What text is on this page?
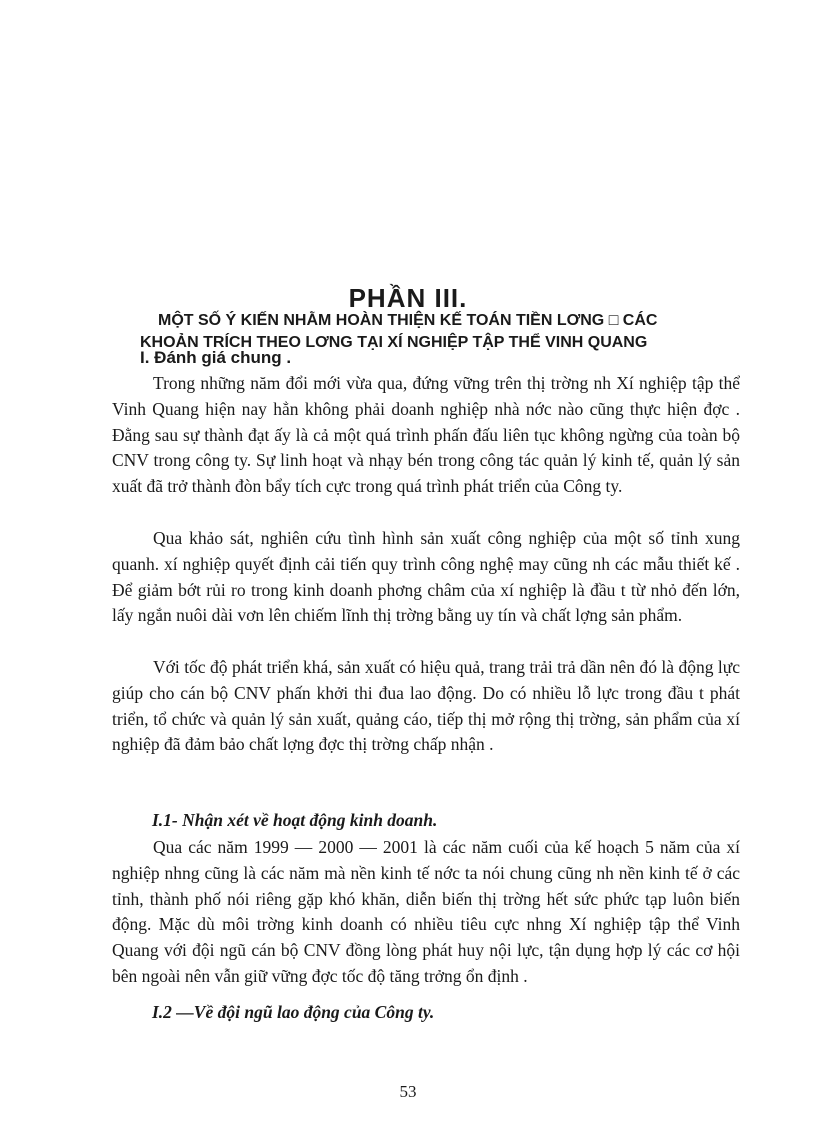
PHẦN III.

MỘT SỐ Ý KIẾN NHẰM HOÀN THIỆN KẾ TOÁN TIỀN LƠNG □ CÁC

KHOẢN TRÍCH THEO LƠNG TẠI XÍ NGHIỆP TẬP THỂ VINH QUANG

I. Đánh giá chung .

Trong những năm đổi mới vừa qua, đứng vững trên thị trờng nh Xí nghiệp tập thể Vinh Quang hiện nay hẳn không phải doanh nghiệp nhà nớc nào cũng thực hiện đợc . Đằng sau sự thành đạt ấy là cả một quá trình phấn đấu liên tục không ngừng của toàn bộ CNV trong công ty. Sự linh hoạt và nhạy bén trong công tác quản lý kinh tế, quản lý sản xuất đã trở thành đòn bẩy tích cực trong quá trình phát triển của Công ty.

Qua khảo sát, nghiên cứu tình hình sản xuất công nghiệp của một số tỉnh xung quanh. xí nghiệp quyết định cải tiến quy trình công nghệ may cũng nh các mẫu thiết kế . Để giảm bớt rủi ro trong kinh doanh phơng châm của xí nghiệp là đầu t từ nhỏ đến lớn, lấy ngắn nuôi dài vơn lên chiếm lĩnh thị trờng bằng uy tín và chất lợng sản phẩm.

Với tốc độ phát triển khá, sản xuất có hiệu quả, trang trải trả dần nên đó là động lực giúp cho cán bộ CNV phấn khởi thi đua lao động. Do có nhiều lỗ lực trong đầu t phát triển, tổ chức và quản lý sản xuất, quảng cáo, tiếp thị mở rộng thị trờng, sản phẩm của xí nghiệp đã đảm bảo chất lợng đợc thị trờng chấp nhận .

I.1- Nhận xét về hoạt động kinh doanh.

Qua các năm 1999 — 2000 — 2001 là các năm cuối của kế hoạch 5 năm của xí nghiệp nhng cũng là các năm mà nền kinh tế nớc ta nói chung cũng nh nền kinh tế ở các tỉnh, thành phố nói riêng gặp khó khăn, diễn biến thị trờng hết sức phức tạp luôn biến động. Mặc dù môi trờng kinh doanh có nhiều tiêu cực nhng Xí nghiệp tập thể Vinh Quang với đội ngũ cán bộ CNV đồng lòng phát huy nội lực, tận dụng hợp lý các cơ hội bên ngoài nên vẫn giữ vững đợc tốc độ tăng trởng ổn định .

I.2 —Về đội ngũ lao động của Công ty.
53
